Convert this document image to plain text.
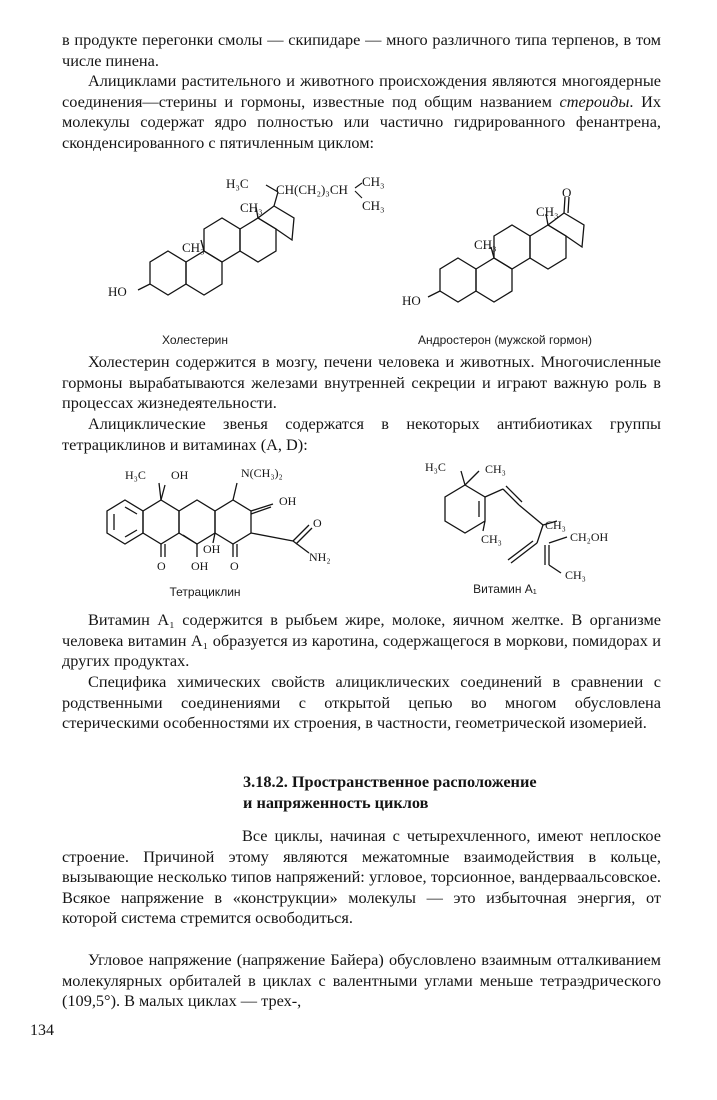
в продукте перегонки смолы — скипидаре — много различного типа терпенов, в том числе пинена.

Алициклами растительного и животного происхождения являются многоядерные соединения—стерины и гормоны, известные под общим названием стероиды. Их молекулы содержат ядро полностью или частично гидрированного фенантрена, сконденсированного с пятичленным циклом:

H₃C CH(CH₂)₃CH
CH₃
CH₃
CH₃
CH₃
HO
Холестерин
O
CH₃
CH₃
HO
Андростерон (мужской гормон)

Холестерин содержится в мозгу, печени человека и животных. Многочисленные гормоны вырабатываются железами внутренней секреции и играют важную роль в процессах жизнедеятельности.

Алициклические звенья содержатся в некоторых антибиотиках группы тетрациклинов и витаминах (A, D):

H₃C OH	N(CH₃)₂
OH
O
NH₂
O OH
OH
O
Тетрациклин
H₃C	CH₃
CH₃
CH₃
CH₂OH
CH₃
Витамин A₁

Витамин A₁ содержится в рыбьем жире, молоке, яичном желтке. В организме человека витамин A₁ образуется из каротина, содержащегося в моркови, помидорах и других продуктах.

Специфика химических свойств алициклических соединений в сравнении с родственными соединениями с открытой цепью во многом обусловлена стерическими особенностями их строения, в частности, геометрической изомерией.

3.18.2. Пространственное расположение
и напряженность циклов

Все циклы, начиная с четырехчленного, имеют неплоское строение. Причиной этому являются межатомные взаимодействия в кольце, вызывающие несколько типов напряжений: угловое, торсионное, вандерваальсовское. Всякое напряжение в «конструкции» молекулы — это избыточная энергия, от которой система стремится освободиться.

Угловое напряжение (напряжение Байера) обусловлено взаимным отталкиванием молекулярных орбиталей в циклах с валентными углами меньше тетраэдрического (109,5°). В малых циклах — трех-,

134
